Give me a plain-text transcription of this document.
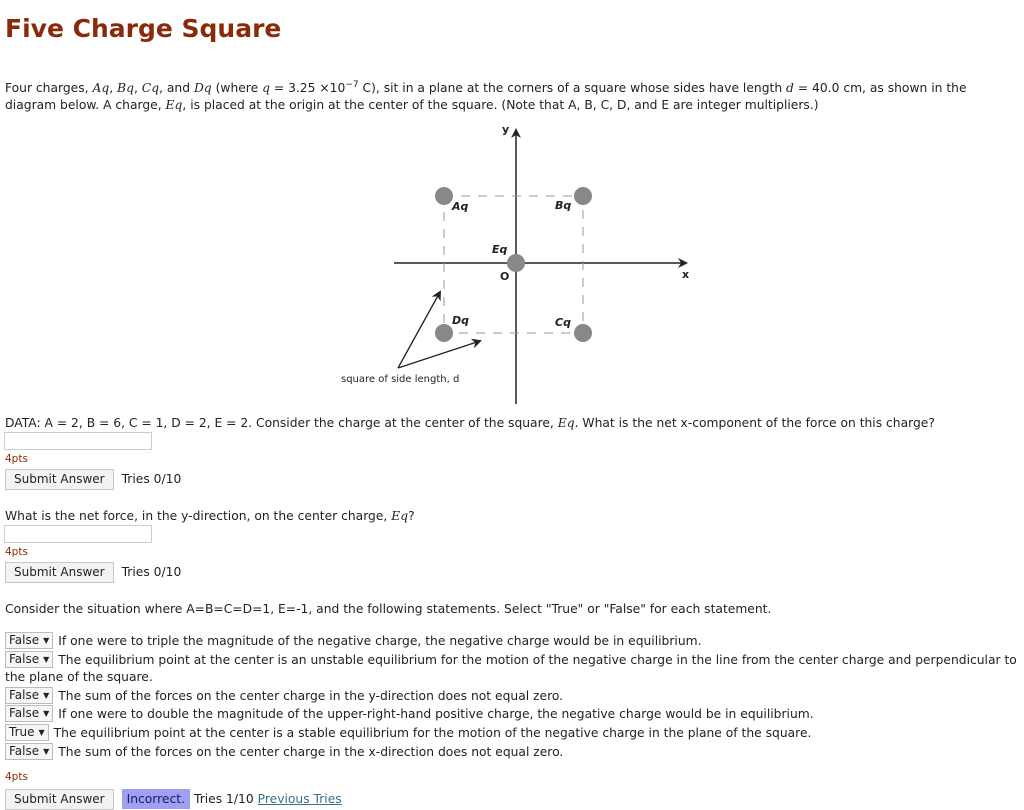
Five Charge Square

Four charges, Aq, Bq, Cq, and Dq (where $q = 3.25 \times 10^{-7}$ C), sit in a plane at the corners of a square whose sides have length d = 40.0 cm, as shown in the diagram below. A charge, Eq, is placed at the origin at the center of the square. (Note that A, B, C, D, and E are integer multipliers.)

y
x
square of side length, d
Aq	Bq
Cq
Dq
Eq
O

DATA: A = 2, B = 6, C = 1, D = 2, E = 2. Consider the charge at the center of the square, Eq. What is the net x-component of the force on this charge?

4pts
Submit Answer	Tries 0/10

What is the net force, in the y-direction, on the center charge, Eq?

4pts
Submit Answer	Tries 0/10

Consider the situation where A=B=C=D=1, E=-1, and the following statements. Select "True" or "False" for each statement.

False ▼ If one were to triple the magnitude of the negative charge, the negative charge would be in equilibrium.

False ▼ The equilibrium point at the center is an unstable equilibrium for the motion of the negative charge in the line from the center charge and perpendicular to the plane of the square.

False ▼ The sum of the forces on the center charge in the y-direction does not equal zero.

False ▼ If one were to double the magnitude of the upper-right-hand positive charge, the negative charge would be in equilibrium.

True ▼ The equilibrium point at the center is a stable equilibrium for the motion of the negative charge in the plane of the square.

False ▼ The sum of the forces on the center charge in the x-direction does not equal zero.

4pts
Submit Answer	Incorrect. Tries 1/10 Previous Tries
